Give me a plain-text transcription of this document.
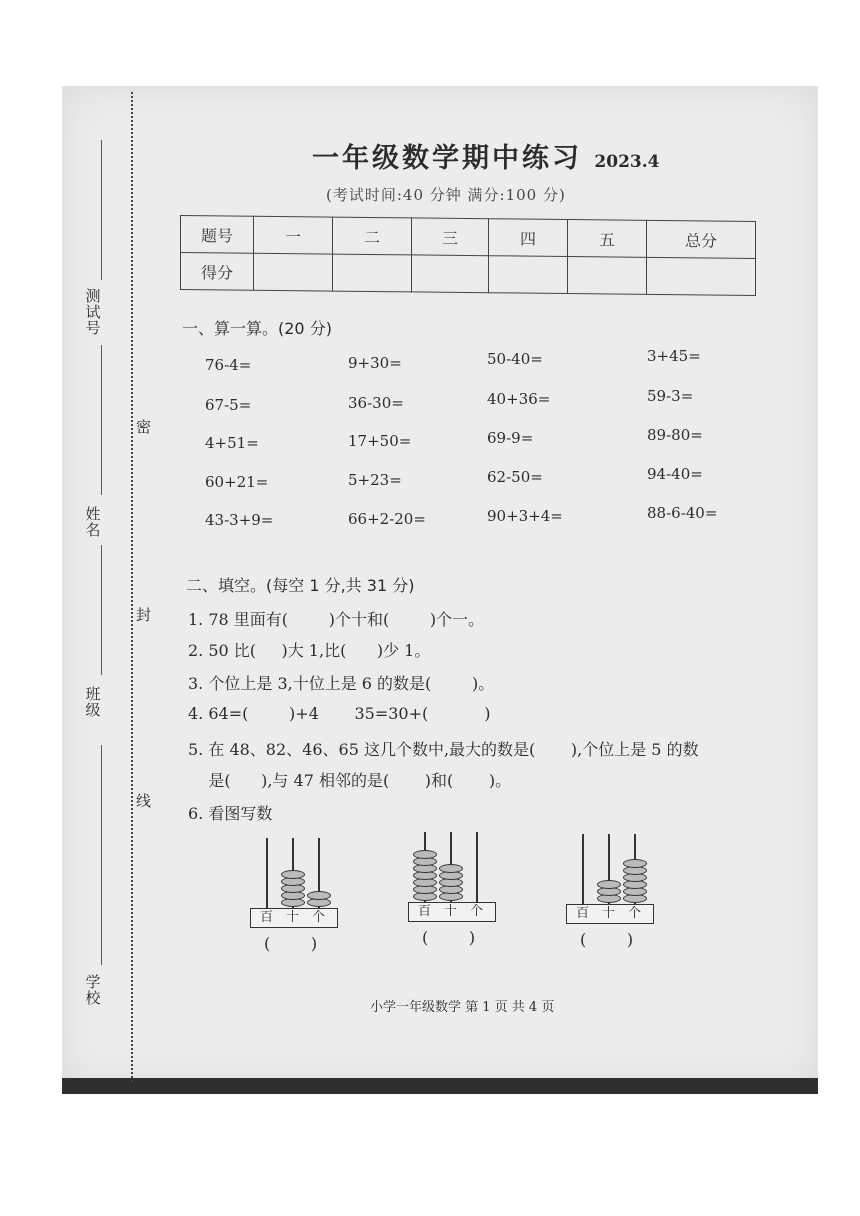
密
封
线
测试号
姓名
班级
学校
一年级数学期中练习 2023.4
(考试时间:40 分钟 满分:100 分)
题号	一	二	三	四	五	总分
得分						
一、算一算。(20 分)
76-4=	9+30=	50-40=	3+45=
67-5=	36-30=	40+36=	59-3=
4+51=	17+50=	69-9=	89-80=
60+21=	5+23=	62-50=	94-40=
43-3+9=	66+2-20=	90+3+4=	88-6-40=
二、填空。(每空 1 分,共 31 分)
1. 78 里面有(        )个十和(        )个一。
2. 50 比(     )大 1,比(      )少 1。
3. 个位上是 3,十位上是 6 的数是(        )。
4. 64=(        )+4       35=30+(           )
5. 在 48、82、46、65 这几个数中,最大的数是(       ),个位上是 5 的数
是(      ),与 47 相邻的是(       )和(       )。
6. 看图写数
百 十 个
(        )
百 十 个
(        )
百 十 个
(        )
小学一年级数学 第 1 页 共 4 页
